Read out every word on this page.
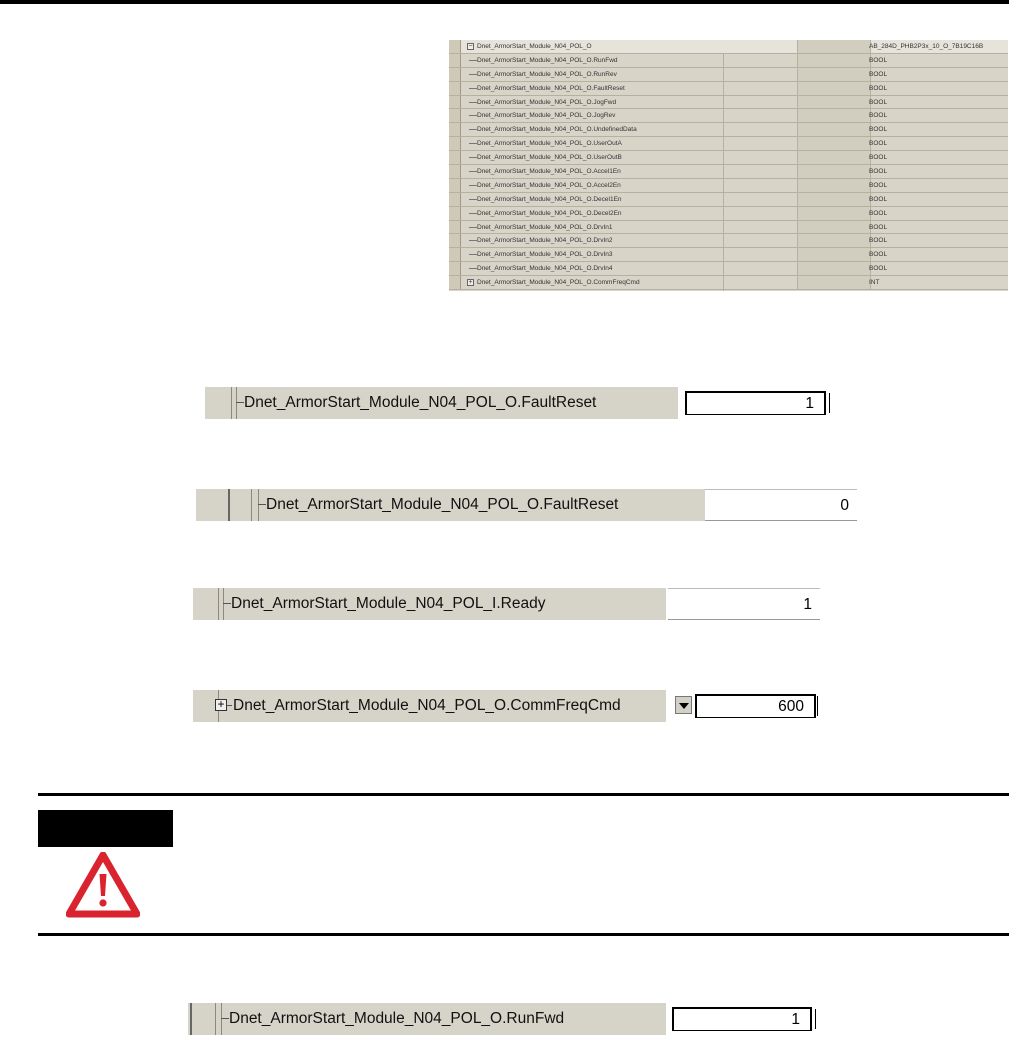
− Dnet_ArmorStart_Module_N04_POL_O	AB_284D_PHB2P3x_10_O_7B19C16B
Dnet_ArmorStart_Module_N04_POL_O.RunFwd	BOOL
Dnet_ArmorStart_Module_N04_POL_O.RunRev	BOOL
Dnet_ArmorStart_Module_N04_POL_O.FaultReset	BOOL
Dnet_ArmorStart_Module_N04_POL_O.JogFwd	BOOL
Dnet_ArmorStart_Module_N04_POL_O.JogRev	BOOL
Dnet_ArmorStart_Module_N04_POL_O.UndefinedData	BOOL
Dnet_ArmorStart_Module_N04_POL_O.UserOutA	BOOL
Dnet_ArmorStart_Module_N04_POL_O.UserOutB	BOOL
Dnet_ArmorStart_Module_N04_POL_O.Accel1En	BOOL
Dnet_ArmorStart_Module_N04_POL_O.Accel2En	BOOL
Dnet_ArmorStart_Module_N04_POL_O.Decel1En	BOOL
Dnet_ArmorStart_Module_N04_POL_O.Decel2En	BOOL
Dnet_ArmorStart_Module_N04_POL_O.DrvIn1	BOOL
Dnet_ArmorStart_Module_N04_POL_O.DrvIn2	BOOL
Dnet_ArmorStart_Module_N04_POL_O.DrvIn3	BOOL
Dnet_ArmorStart_Module_N04_POL_O.DrvIn4	BOOL
+ Dnet_ArmorStart_Module_N04_POL_O.CommFreqCmd	INT
Dnet_ArmorStart_Module_N04_POL_O.FaultReset	1
Dnet_ArmorStart_Module_N04_POL_O.FaultReset	0
Dnet_ArmorStart_Module_N04_POL_I.Ready	1
+ Dnet_ArmorStart_Module_N04_POL_O.CommFreqCmd	600
Dnet_ArmorStart_Module_N04_POL_O.RunFwd	1
